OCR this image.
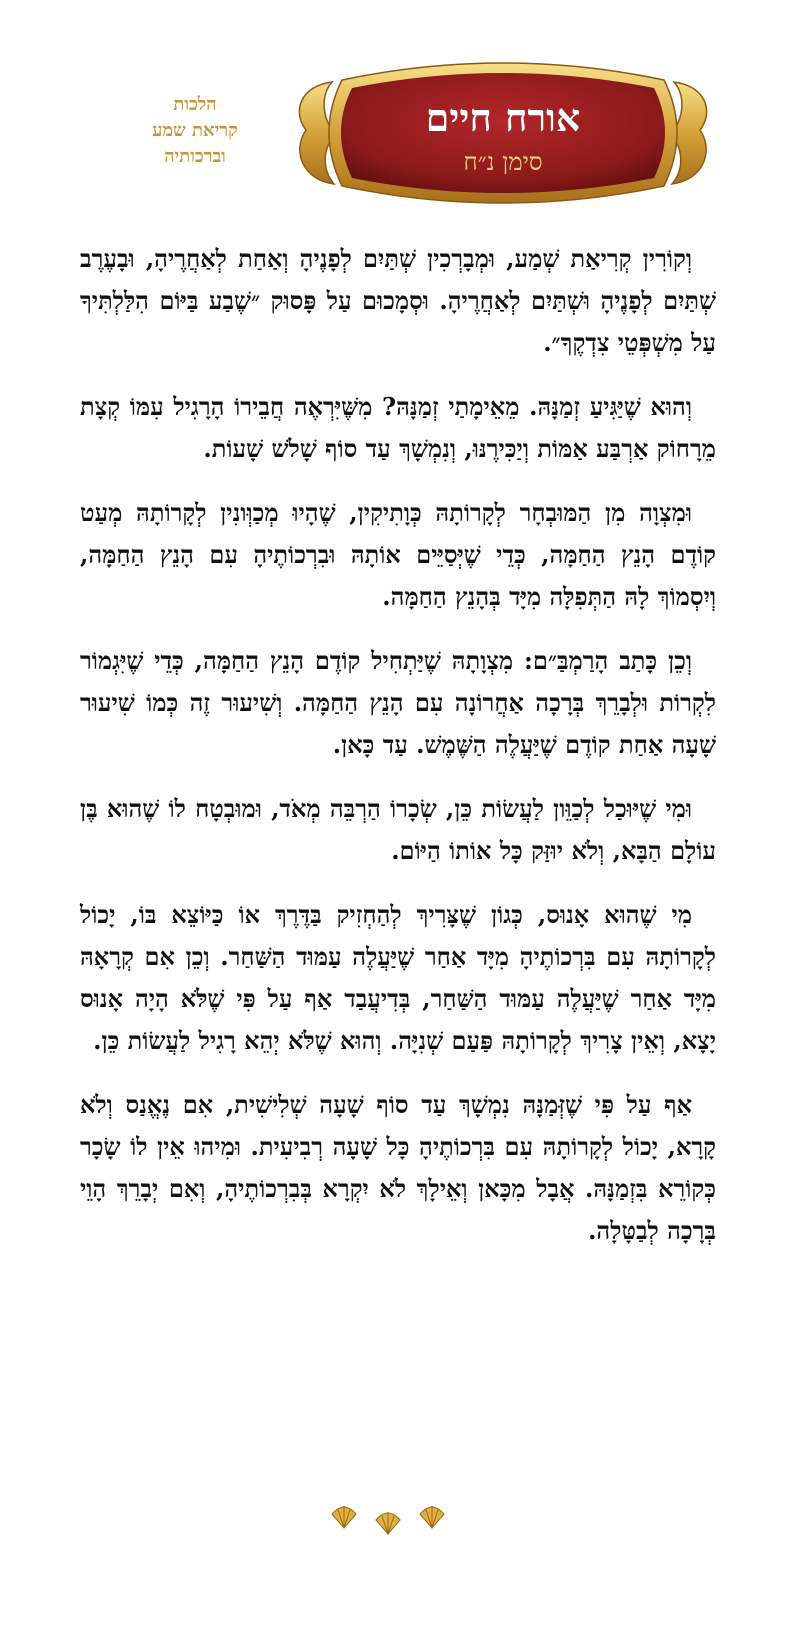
הלכות
קריאת שמע
וברכותיה
אורח חיים
סימן נ״ח

וְקוֹרִין קְרִיאַת שְׁמַע, וּמְבָרְכִין שְׁתַּיִם לְפָנֶיהָ וְאַחַת לְאַחֲרֶיהָ, וּבָעֶרֶב שְׁתַּיִם לְפָנֶיהָ וּשְׁתַּיִם לְאַחֲרֶיהָ. וּסְמָכוּם עַל פָּסוּק ״שֶׁבַע בַּיּוֹם הִלַּלְתִּיךָ עַל מִשְׁפְּטֵי צִדְקֶךָ״.

וְהוּא שֶׁיַּגִּיעַ זְמַנָּהּ. מֵאֵימָתַי זְמַנָּהּ? מִשֶּׁיִּרְאֶה חֲבֵירוֹ הָרָגִיל עִמּוֹ קְצָת מֵרָחוֹק אַרְבַּע אַמּוֹת וְיַכִּירֶנּוּ, וְנִמְשָׁךְ עַד סוֹף שָׁלֹשׁ שָׁעוֹת.

וּמִצְוָה מִן הַמּוּבְחָר לְקָרוֹתָהּ כְּוָתִיקִין, שֶׁהָיוּ מְכַוְּונִין לְקָרוֹתָהּ מְעַט קוֹדֶם הָנֵץ הַחַמָּה, כְּדֵי שֶׁיְּסַיֵּים אוֹתָהּ וּבִרְכוֹתֶיהָ עִם הָנֵץ הַחַמָּה, וְיִסְמוֹךְ לָהּ הַתְּפִלָּה מִיָּד בְּהָנֵץ הַחַמָּה.

וְכֵן כָּתַב הָרַמְבַּ״ם: מִצְוָתָהּ שֶׁיַּתְחִיל קוֹדֶם הָנֵץ הַחַמָּה, כְּדֵי שֶׁיִּגְמוֹר לִקְרוֹת וּלְבָרֵךְ בְּרָכָה אַחֲרוֹנָה עִם הָנֵץ הַחַמָּה. וְשִׁיעוּר זֶה כְּמוֹ שִׁיעוּר שָׁעָה אַחַת קוֹדֶם שֶׁיַּעֲלֶה הַשֶּׁמֶשׁ. עַד כָּאן.

וּמִי שֶׁיּוּכַל לְכַוֵּון לַעֲשׂוֹת כֵּן, שְׂכָרוֹ הַרְבֵּה מְאֹד, וּמוּבְטָח לוֹ שֶׁהוּא בֶּן עוֹלָם הַבָּא, וְלֹא יוּזַּק כָּל אוֹתוֹ הַיּוֹם.

מִי שֶׁהוּא אָנוּס, כְּגוֹן שֶׁצָּרִיךְ לְהַחְזִיק בַּדֶּרֶךְ אוֹ כַּיּוֹצֵא בּוֹ, יָכוֹל לְקָרוֹתָהּ עִם בִּרְכוֹתֶיהָ מִיָּד אַחַר שֶׁיַּעֲלֶה עַמּוּד הַשַּׁחַר. וְכֵן אִם קְרָאָהּ מִיָּד אַחַר שֶׁיַּעֲלֶה עַמּוּד הַשַּׁחַר, בְּדִיעֲבַד אַף עַל פִּי שֶׁלֹּא הָיָה אָנוּס יָצָא, וְאֵין צָרִיךְ לְקָרוֹתָהּ פַּעַם שְׁנִיָּה. וְהוּא שֶׁלֹּא יְהֵא רָגִיל לַעֲשׂוֹת כֵּן.

אַף עַל פִּי שֶׁזְּמַנָּהּ נִמְשָׁךְ עַד סוֹף שָׁעָה שְׁלִישִׁית, אִם נֶאֱנַס וְלֹא קָרָא, יָכוֹל לְקָרוֹתָהּ עִם בִּרְכוֹתֶיהָ כָּל שָׁעָה רְבִיעִית. וּמִיהוּ אֵין לוֹ שָׂכָר כְּקוֹרֵא בִּזְמַנָּהּ. אֲבָל מִכָּאן וְאֵילָךְ לֹא יִקְרָא בְּבִרְכוֹתֶיהָ, וְאִם יְבָרֵךְ הָוֵי בְּרָכָה לְבַטָּלָה.
